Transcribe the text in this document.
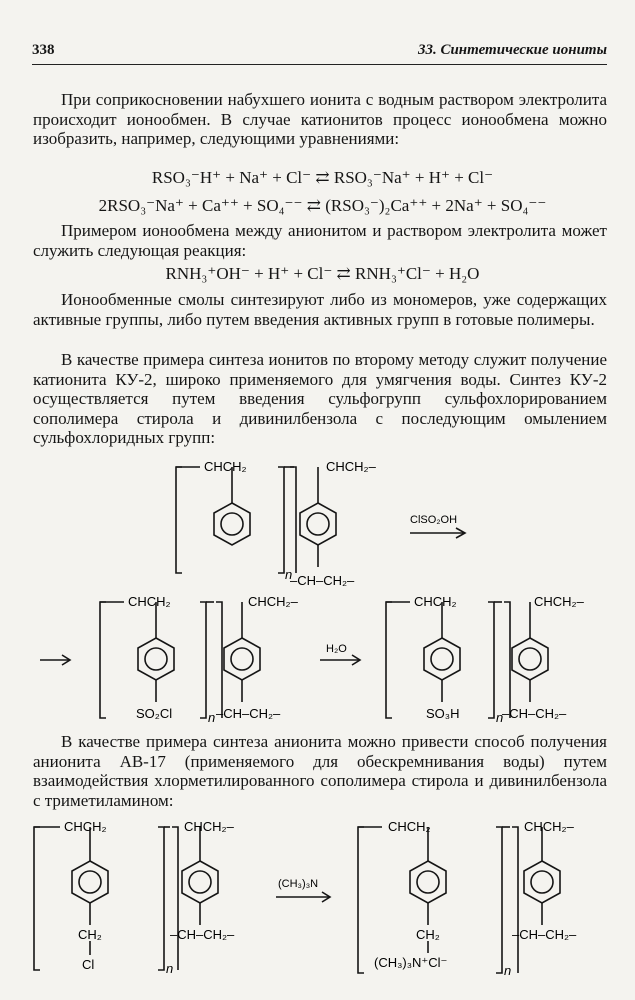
338	33. Синтетические иониты
При соприкосновении набухшего ионита с водным раствором электролита происходит ионообмен. В случае катионитов процесс ионообмена можно изобразить, например, следующими уравнениями:
RSO₃⁻H⁺ + Na⁺ + Cl⁻ ⇄ RSO₃⁻Na⁺ + H⁺ + Cl⁻
2RSO₃⁻Na⁺ + Ca⁺⁺ + SO₄⁻⁻ ⇄ (RSO₃⁻)₂Ca⁺⁺ + 2Na⁺ + SO₄⁻⁻
Примером ионообмена между анионитом и раствором электролита может служить следующая реакция:
RNH₃⁺OH⁻ + H⁺ + Cl⁻ ⇄ RNH₃⁺Cl⁻ + H₂O
Ионообменные смолы синтезируют либо из мономеров, уже содержащих активные группы, либо путем введения активных групп в готовые полимеры.
В качестве примера синтеза ионитов по второму методу служит получение катионита КУ-2, широко применяемого для умягчения воды. Синтез КУ-2 осуществляется путем введения сульфогрупп сульфохлорированием сополимера стирола и дивинилбензола с последующим омылением сульфохлоридных групп:
CHCH₂	CHCH₂–
n
–CH–CH₂–
ClSO₂OH
CHCH₂	CHCH₂–
SO₂Cl	n –CH–CH₂–
H₂O
CHCH₂	CHCH₂–
SO₃H	n
–CH–CH₂–
В качестве примера синтеза анионита можно привести способ получения анионита АВ-17 (применяемого для обескремнивания воды) путем взаимодействия хлорметилированного сополимера стирола и дивинилбензола с триметиламином:
CHCH₂	CHCH₂–
CH₂
Cl	n
–CH–CH₂–
(CH₃)₃N
CHCH₂	CHCH₂–
CH₂
(CH₃)₃N⁺Cl⁻
n
–CH–CH₂–
